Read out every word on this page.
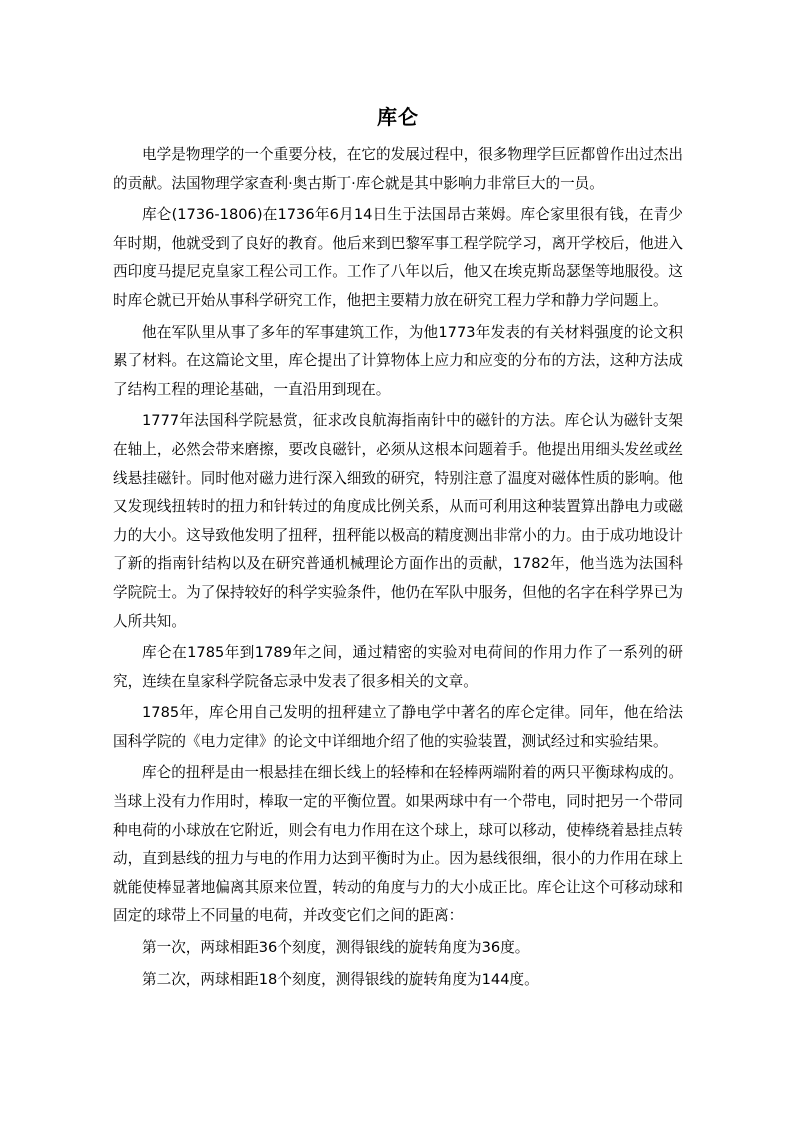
库仑

电学是物理学的一个重要分枝，在它的发展过程中，很多物理学巨匠都曾作出过杰出的贡献。法国物理学家查利·奥古斯丁·库仑就是其中影响力非常巨大的一员。

库仑(1736-1806)在1736年6月14日生于法国昂古莱姆。库仑家里很有钱，在青少年时期，他就受到了良好的教育。他后来到巴黎军事工程学院学习，离开学校后，他进入西印度马提尼克皇家工程公司工作。工作了八年以后，他又在埃克斯岛瑟堡等地服役。这时库仑就已开始从事科学研究工作，他把主要精力放在研究工程力学和静力学问题上。

他在军队里从事了多年的军事建筑工作，为他1773年发表的有关材料强度的论文积累了材料。在这篇论文里，库仑提出了计算物体上应力和应变的分布的方法，这种方法成了结构工程的理论基础，一直沿用到现在。

1777年法国科学院悬赏，征求改良航海指南针中的磁针的方法。库仑认为磁针支架在轴上，必然会带来磨擦，要改良磁针，必须从这根本问题着手。他提出用细头发丝或丝线悬挂磁针。同时他对磁力进行深入细致的研究，特别注意了温度对磁体性质的影响。他又发现线扭转时的扭力和针转过的角度成比例关系，从而可利用这种装置算出静电力或磁力的大小。这导致他发明了扭秤，扭秤能以极高的精度测出非常小的力。由于成功地设计了新的指南针结构以及在研究普通机械理论方面作出的贡献，1782年，他当选为法国科学院院士。为了保持较好的科学实验条件，他仍在军队中服务，但他的名字在科学界已为人所共知。

库仑在1785年到1789年之间，通过精密的实验对电荷间的作用力作了一系列的研究，连续在皇家科学院备忘录中发表了很多相关的文章。

1785年，库仑用自己发明的扭秤建立了静电学中著名的库仑定律。同年，他在给法国科学院的《电力定律》的论文中详细地介绍了他的实验装置，测试经过和实验结果。

库仑的扭秤是由一根悬挂在细长线上的轻棒和在轻棒两端附着的两只平衡球构成的。当球上没有力作用时，棒取一定的平衡位置。如果两球中有一个带电，同时把另一个带同种电荷的小球放在它附近，则会有电力作用在这个球上，球可以移动，使棒绕着悬挂点转动，直到悬线的扭力与电的作用力达到平衡时为止。因为悬线很细，很小的力作用在球上就能使棒显著地偏离其原来位置，转动的角度与力的大小成正比。库仑让这个可移动球和固定的球带上不同量的电荷，并改变它们之间的距离：

第一次，两球相距36个刻度，测得银线的旋转角度为36度。

第二次，两球相距18个刻度，测得银线的旋转角度为144度。
